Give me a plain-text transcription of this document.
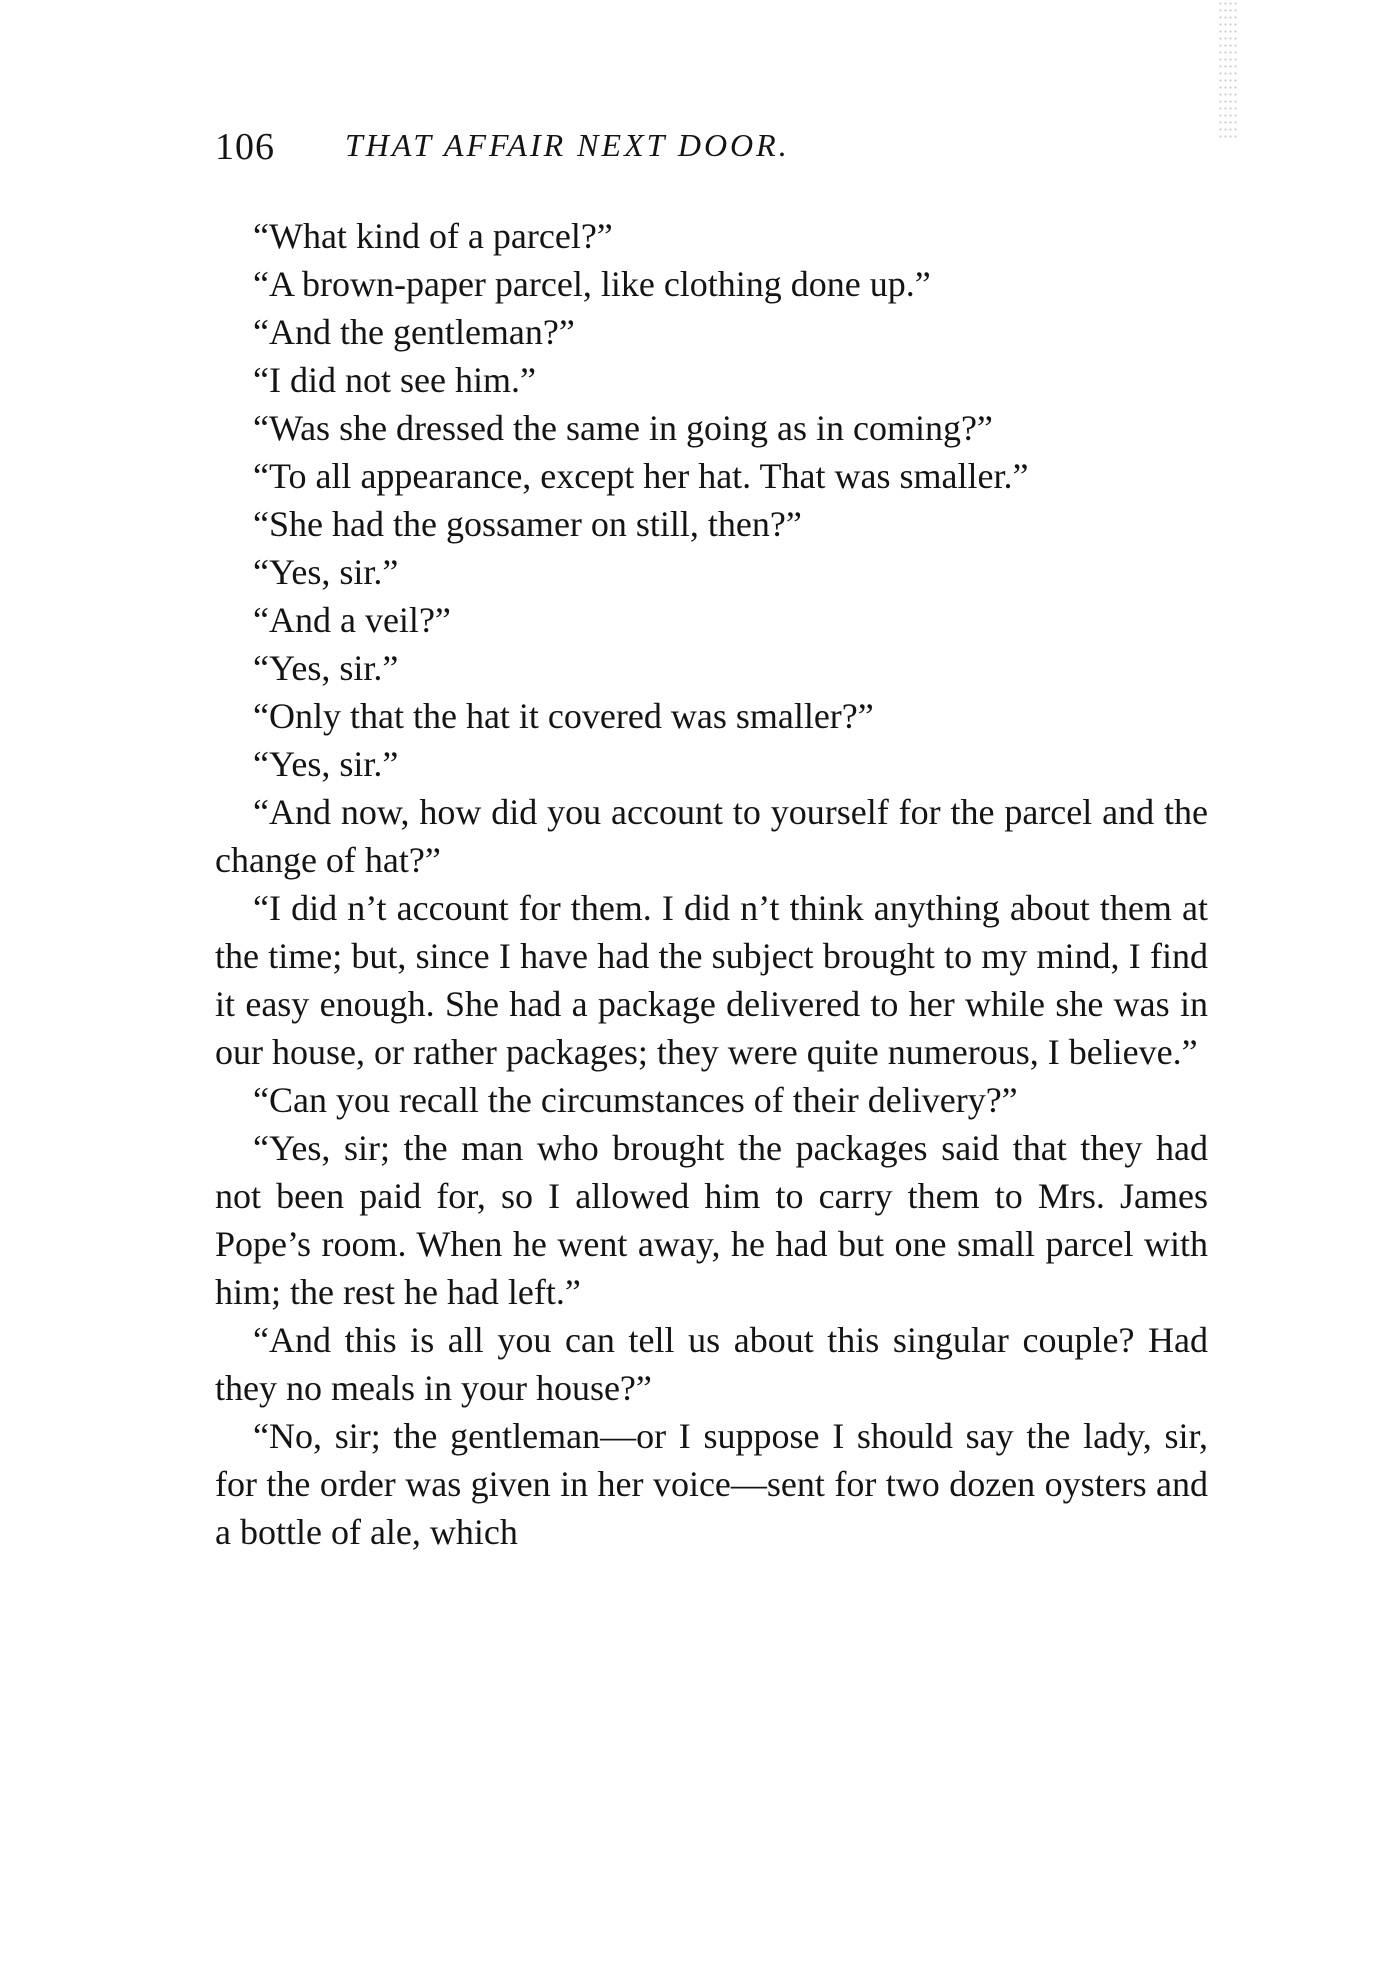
106 THAT AFFAIR NEXT DOOR.

“What kind of a parcel?”

“A brown-paper parcel, like clothing done up.”

“And the gentleman?”

“I did not see him.”

“Was she dressed the same in going as in coming?”

“To all appearance, except her hat. That was smaller.”

“She had the gossamer on still, then?”

“Yes, sir.”

“And a veil?”

“Yes, sir.”

“Only that the hat it covered was smaller?”

“Yes, sir.”

“And now, how did you account to yourself for the parcel and the change of hat?”

“I did n’t account for them. I did n’t think anything about them at the time; but, since I have had the subject brought to my mind, I find it easy enough. She had a package delivered to her while she was in our house, or rather packages; they were quite numerous, I believe.”

“Can you recall the circumstances of their delivery?”

“Yes, sir; the man who brought the packages said that they had not been paid for, so I allowed him to carry them to Mrs. James Pope’s room. When he went away, he had but one small parcel with him; the rest he had left.”

“And this is all you can tell us about this singular couple? Had they no meals in your house?”

“No, sir; the gentleman—or I suppose I should say the lady, sir, for the order was given in her voice—sent for two dozen oysters and a bottle of ale, which
